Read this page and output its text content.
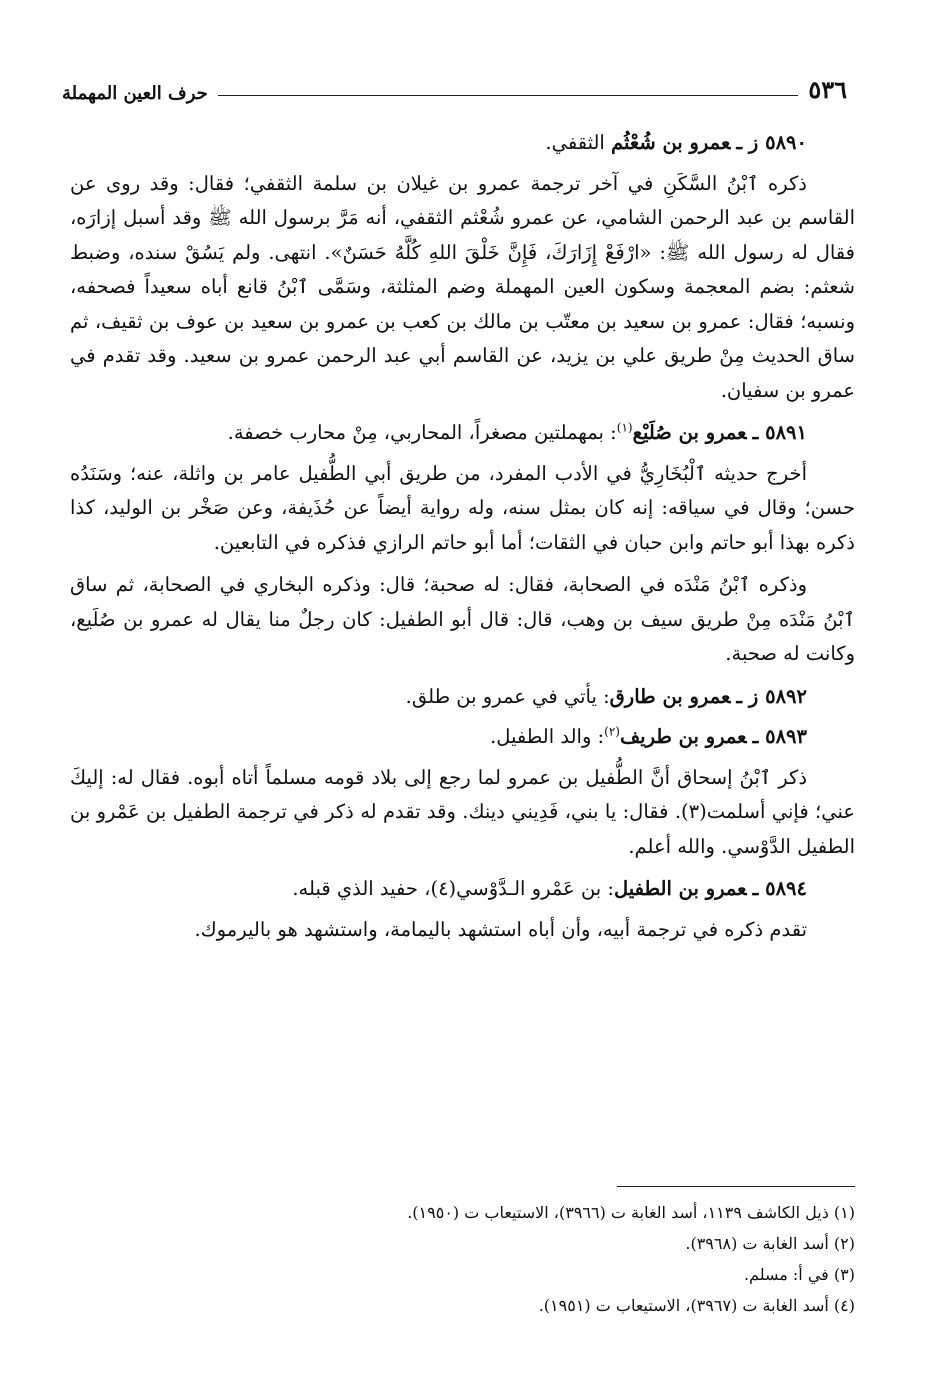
٥٣٦
حرف العين المهملة

٥٨٩٠ ز ـعمرو بن شُعْثُم الثقفي.

ذكره ٱبْنُ السَّكَنِ في آخر ترجمة عمرو بن غيلان بن سلمة الثقفي؛ فقال: وقد روى عن القاسم بن عبد الرحمن الشامي، عن عمرو شُعْثم الثقفي، أنه مَرَّ برسول الله ﷺ وقد أسبل إزارَه، فقال له رسول الله ﷺ: «ارْفَعْ إِزَارَكَ، فَإِنَّ خَلْقَ اللهِ كُلَّهُ حَسَنٌ». انتهى. ولم يَسُقْ سنده، وضبط شعثم: بضم المعجمة وسكون العين المهملة وضم المثلثة، وسَمَّى ٱبْنُ قانع أباه سعيداً فصحفه، ونسبه؛ فقال: عمرو بن سعيد بن معتّب بن مالك بن كعب بن عمرو بن سعيد بن عوف بن ثقيف، ثم ساق الحديث مِنْ طريق علي بن يزيد، عن القاسم أبي عبد الرحمن عمرو بن سعيد. وقد تقدم في عمرو بن سفيان.

٥٨٩١ ـعمرو بن صُلَيْع$^{(١)}$: بمهملتين مصغراً، المحاربي، مِنْ محارب خصفة.

أخرج حديثه ٱلْبُخَارِيُّ في الأدب المفرد، من طريق أبي الطُّفيل عامر بن واثلة، عنه؛ وسَنَدُه حسن؛ وقال في سياقه: إنه كان بمثل سنه، وله رواية أيضاً عن حُذَيفة، وعن صَخْر بن الوليد، كذا ذكره بهذا أبو حاتم وابن حبان في الثقات؛ أما أبو حاتم الرازي فذكره في التابعين.

وذكره ٱبْنُ مَنْدَه في الصحابة، فقال: له صحبة؛ قال: وذكره البخاري في الصحابة، ثم ساق ٱبْنُ مَنْدَه مِنْ طريق سيف بن وهب، قال: قال أبو الطفيل: كان رجلٌ منا يقال له عمرو بن صُلَيع، وكانت له صحبة.

٥٨٩٢ ز ـعمرو بن طارق: يأتي في عمرو بن طلق.

٥٨٩٣ ـعمرو بن طريف$^{(٢)}$: والد الطفيل.

ذكر ٱبْنُ إسحاق أنَّ الطُّفيل بن عمرو لما رجع إلى بلاد قومه مسلماً أتاه أبوه. فقال له: إليكَ عني؛ فإني أسلمت(٣). فقال: يا بني، فَدِيني دينك. وقد تقدم له ذكر في ترجمة الطفيل بن عَمْرو بن الطفيل الدَّوْسي. والله أعلم.

٥٨٩٤ ـعمرو بن الطفيل: بن عَمْرو الـدَّوْسي(٤)، حفيد الذي قبله.

تقدم ذكره في ترجمة أبيه، وأن أباه استشهد باليمامة، واستشهد هو باليرموك.

(١) ذيل الكاشف ١١٣٩، أسد الغابة ت (٣٩٦٦)، الاستيعاب ت (١٩٥٠).

(٢) أسد الغابة ت (٣٩٦٨).

(٣) في أ: مسلم.

(٤) أسد الغابة ت (٣٩٦٧)، الاستيعاب ت (١٩٥١).
